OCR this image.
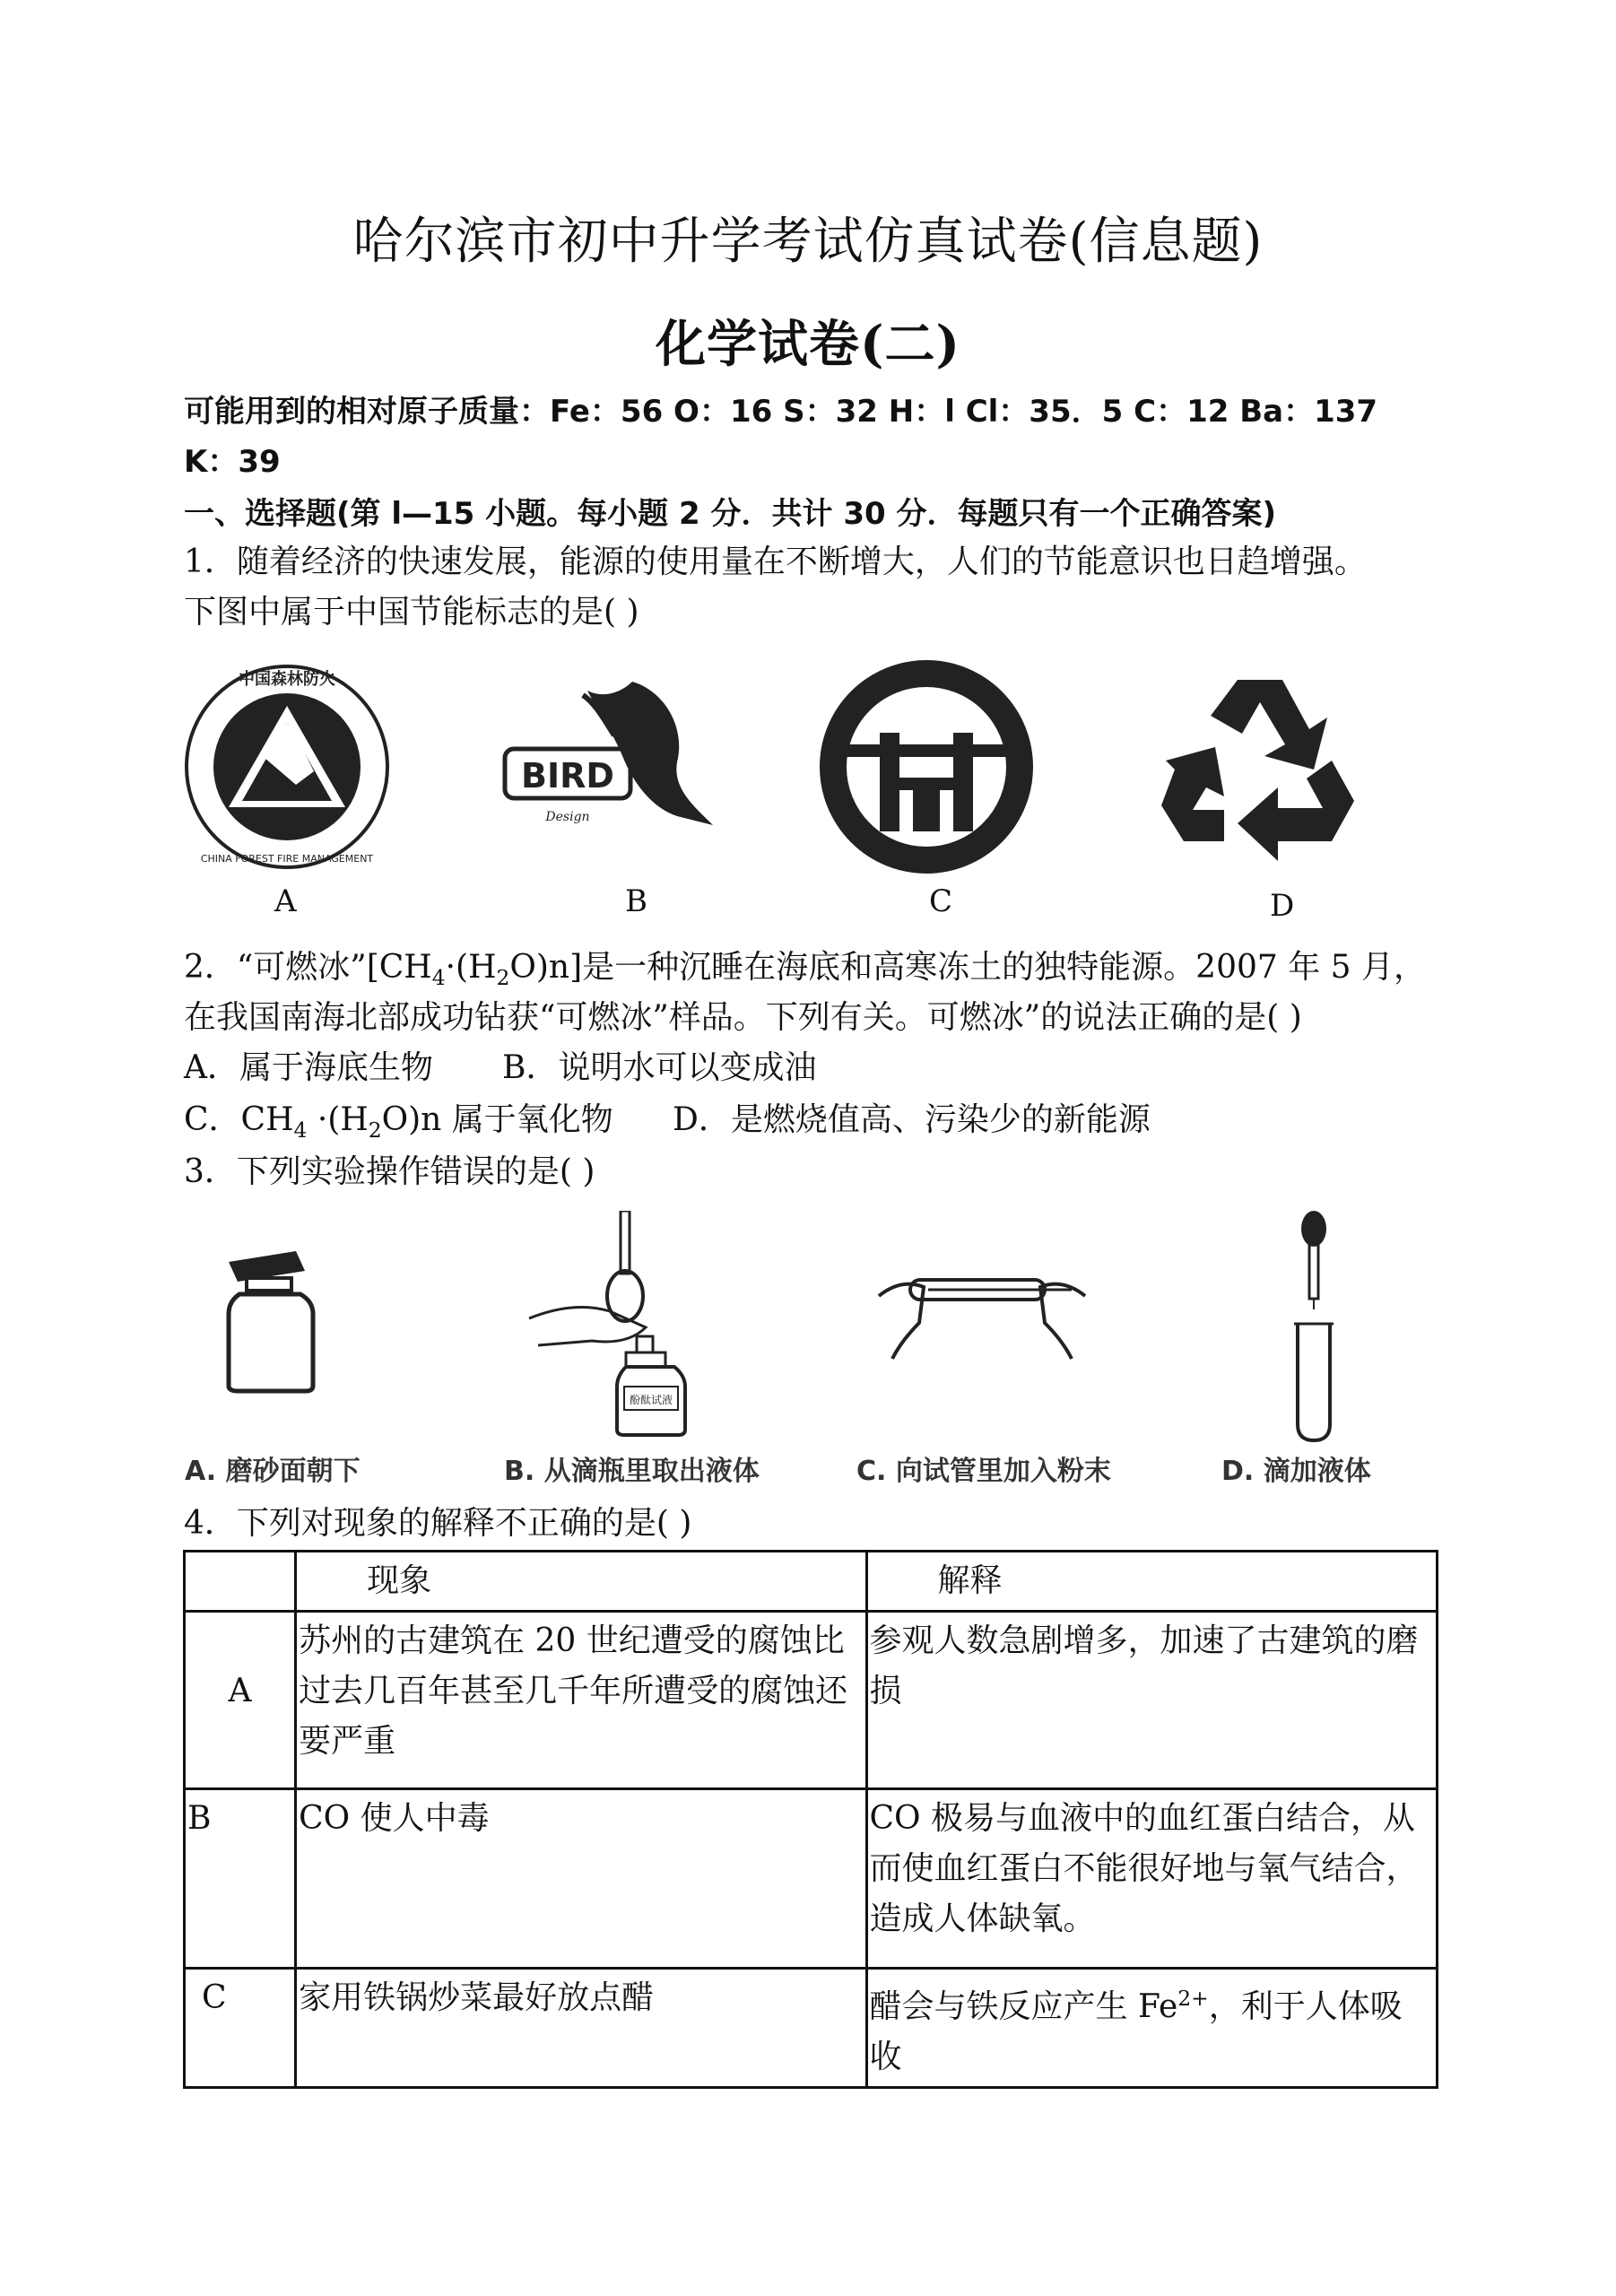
哈尔滨市初中升学考试仿真试卷(信息题)
化学试卷(二)
可能用到的相对原子质量：Fe：56 O：16 S：32 H：l Cl：35．5 C：12 Ba：137
K：39
一、选择题(第 l—15 小题。每小题 2 分．共计 30 分．每题只有一个正确答案)
1．随着经济的快速发展，能源的使用量在不断增大，人们的节能意识也日趋增强。
下图中属于中国节能标志的是( )
中国森林防火
CHINA FOREST FIRE MANAGEMENT
A
BIRD
Design
B	C	D
2．“可燃冰$”[CH_4\cdot(H_2O)n]$是一种沉睡在海底和高寒冻土的独特能源。2007 年 5 月，
在我国南海北部成功钻获“可燃冰”样品。下列有关。可燃冰”的说法正确的是( )
A．属于海底生物 B．说明水可以变成油
C．$CH_4 \cdot(H_2O)n$ 属于氧化物 D．是燃烧值高、污染少的新能源
3．下列实验操作错误的是( )
A. 磨砂面朝下
酚酞试液
B. 从滴瓶里取出液体	C. 向试管里加入粉末	D. 滴加液体
4．下列对现象的解释不正确的是( )
	现象	解释

A	苏州的古建筑在 20 世纪遭受的腐蚀比过去几百年甚至几千年所遭受的腐蚀还要严重	参观人数急剧增多，加速了古建筑的磨损
B	CO 使人中毒	CO 极易与血液中的血红蛋白结合，从而使血红蛋白不能很好地与氧气结合，造成人体缺氧。

C	家用铁锅炒菜最好放点醋	醋会与铁反应产生 $Fe^{2+}$，利于人体吸收
